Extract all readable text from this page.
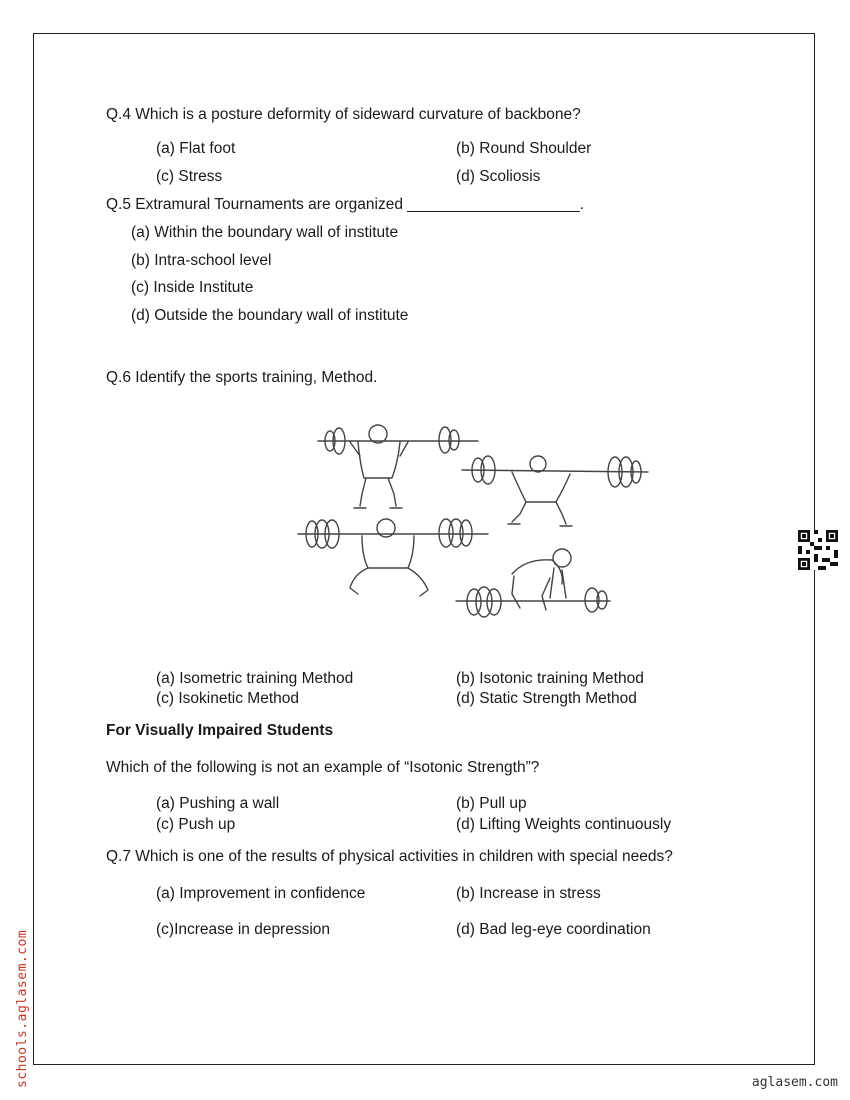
Q.4 Which is a posture deformity of sideward curvature of backbone?
(a) Flat foot	(b) Round Shoulder
(c) Stress	(d) Scoliosis
Q.5 Extramural Tournaments are organized ____________________.
(a) Within the boundary wall of institute
(b) Intra-school level
(c) Inside Institute
(d) Outside the boundary wall of institute
Q.6 Identify the sports training, Method.
(a) Isometric training Method	(b) Isotonic training Method
(c) Isokinetic Method	(d) Static Strength Method
For Visually Impaired Students
Which of the following is not an example of “Isotonic Strength”?
(a) Pushing a wall	(b) Pull up
(c) Push up	(d) Lifting Weights continuously
Q.7 Which is one of the results of physical activities in children with special needs?
(a) Improvement in confidence	(b) Increase in stress
(c)Increase in depression	(d) Bad leg-eye coordination
schools.aglasem.com	aglasem.com
